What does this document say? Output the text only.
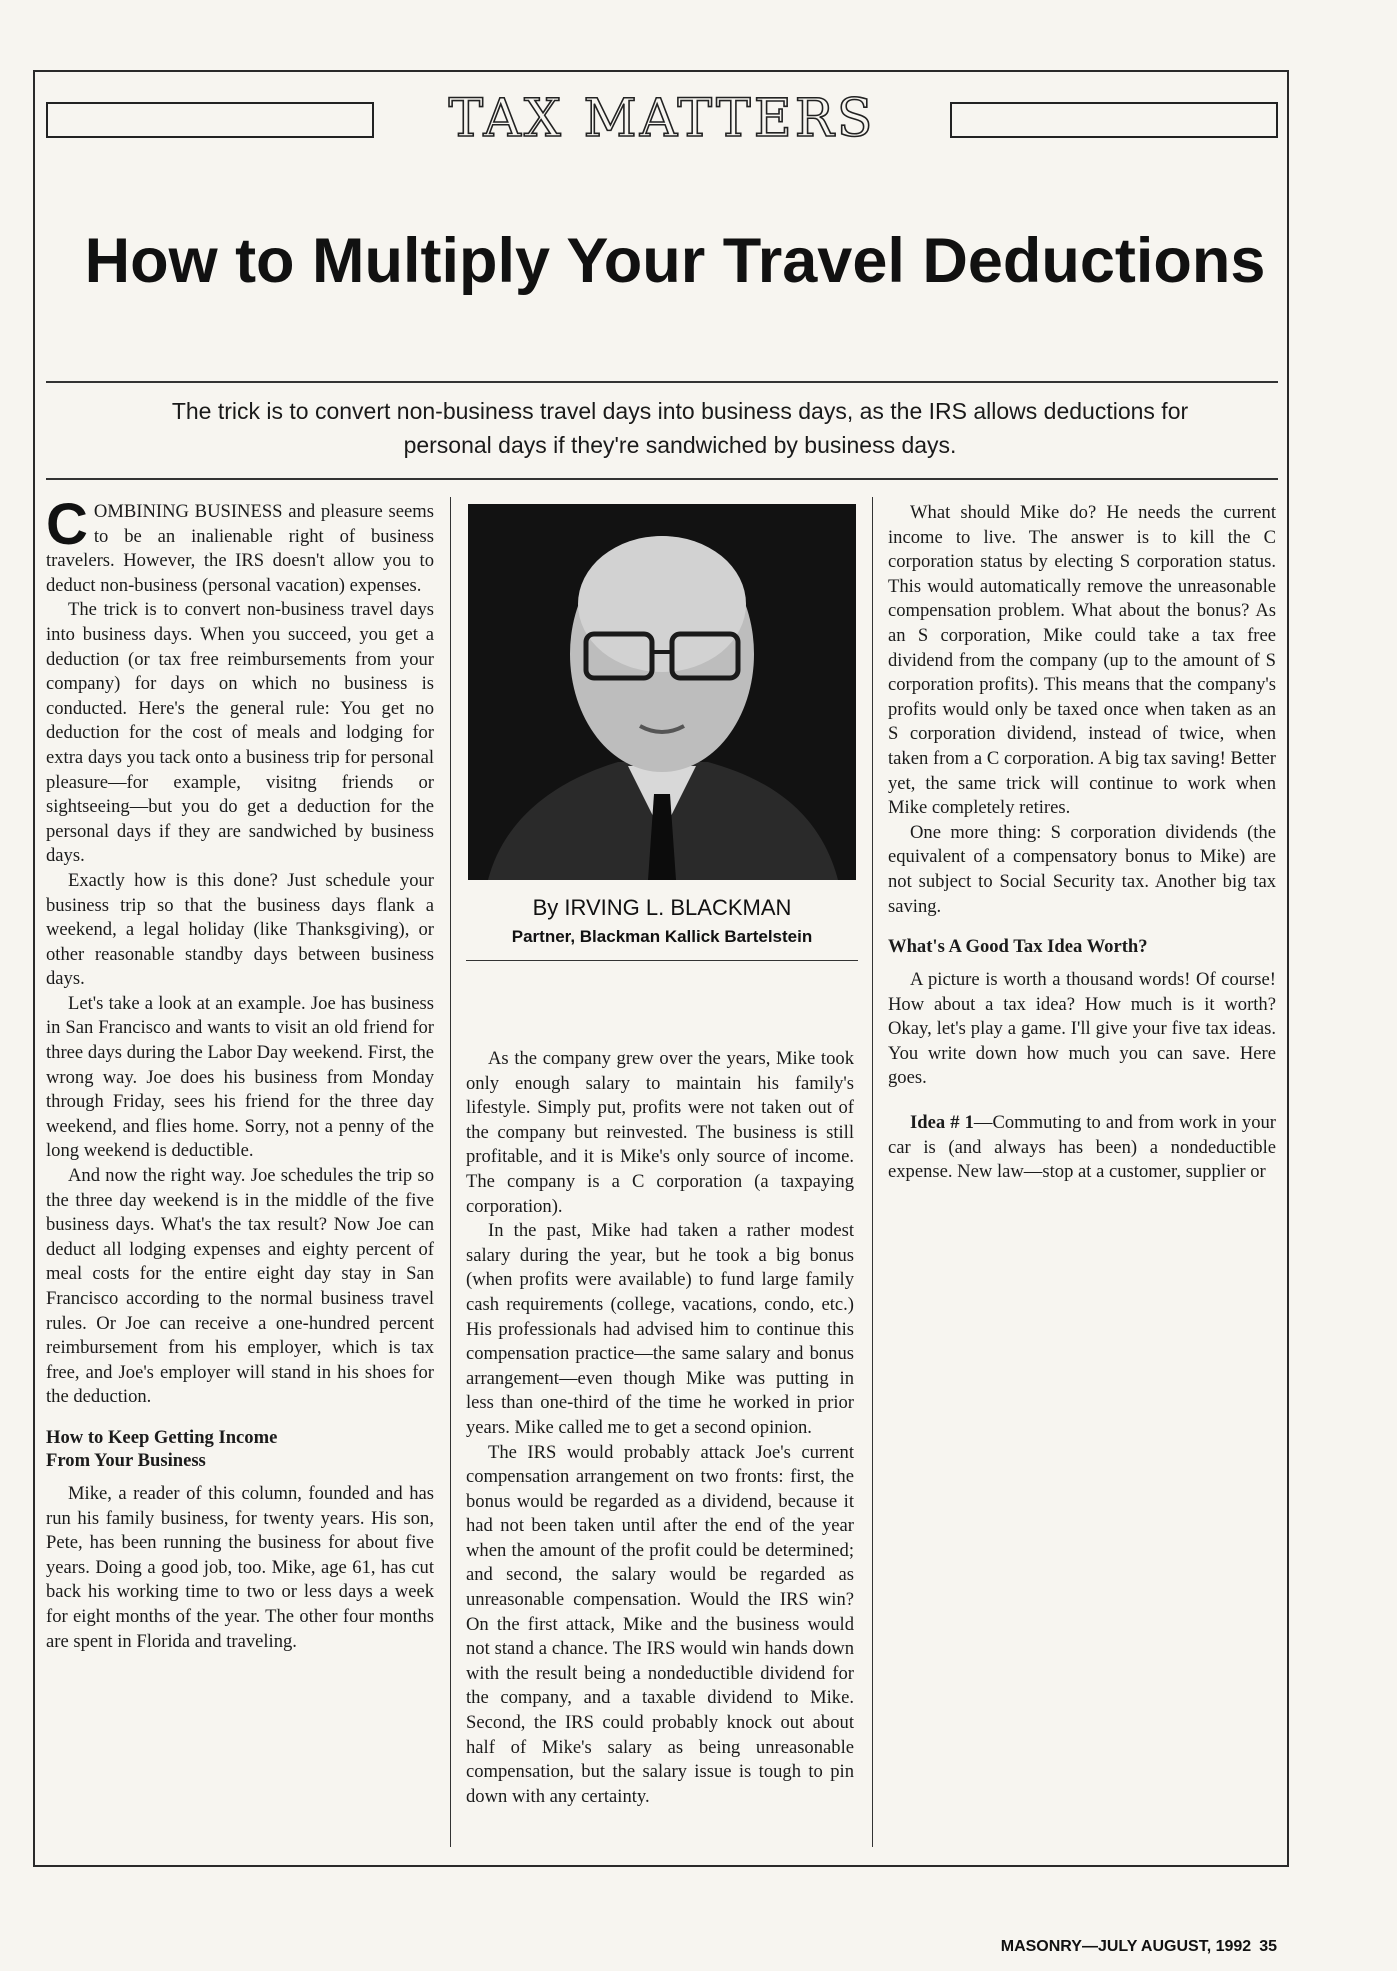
TAX MATTERS
How to Multiply Your Travel Deductions
The trick is to convert non-business travel days into business days, as the IRS allows deductions for personal days if they're sandwiched by business days.

COMBINING BUSINESS and pleasure seems to be an inalienable right of business travelers. However, the IRS doesn't allow you to deduct non-business (personal vacation) expenses.

The trick is to convert non-business travel days into business days. When you succeed, you get a deduction (or tax free reimbursements from your company) for days on which no business is conducted. Here's the general rule: You get no deduction for the cost of meals and lodging for extra days you tack onto a business trip for personal pleasure—for example, visitng friends or sightseeing—but you do get a deduction for the personal days if they are sandwiched by business days.

Exactly how is this done? Just schedule your business trip so that the business days flank a weekend, a legal holiday (like Thanksgiving), or other reasonable standby days between business days.

Let's take a look at an example. Joe has business in San Francisco and wants to visit an old friend for three days during the Labor Day weekend. First, the wrong way. Joe does his business from Monday through Friday, sees his friend for the three day weekend, and flies home. Sorry, not a penny of the long weekend is deductible.

And now the right way. Joe schedules the trip so the three day weekend is in the middle of the five business days. What's the tax result? Now Joe can deduct all lodging expenses and eighty percent of meal costs for the entire eight day stay in San Francisco according to the normal business travel rules. Or Joe can receive a one-hundred percent reimbursement from his employer, which is tax free, and Joe's employer will stand in his shoes for the deduction.

How to Keep Getting Income
From Your Business

Mike, a reader of this column, founded and has run his family business, for twenty years. His son, Pete, has been running the business for about five years. Doing a good job, too. Mike, age 61, has cut back his working time to two or less days a week for eight months of the year. The other four months are spent in Florida and traveling.

By IRVING L. BLACKMAN
Partner, Blackman Kallick Bartelstein

As the company grew over the years, Mike took only enough salary to maintain his family's lifestyle. Simply put, profits were not taken out of the company but reinvested. The business is still profitable, and it is Mike's only source of income. The company is a C corporation (a taxpaying corporation).

In the past, Mike had taken a rather modest salary during the year, but he took a big bonus (when profits were available) to fund large family cash requirements (college, vacations, condo, etc.) His professionals had advised him to continue this compensation practice—the same salary and bonus arrangement—even though Mike was putting in less than one-third of the time he worked in prior years. Mike called me to get a second opinion.

The IRS would probably attack Joe's current compensation arrangement on two fronts: first, the bonus would be regarded as a dividend, because it had not been taken until after the end of the year when the amount of the profit could be determined; and second, the salary would be regarded as unreasonable compensation. Would the IRS win? On the first attack, Mike and the business would not stand a chance. The IRS would win hands down with the result being a nondeductible dividend for the company, and a taxable dividend to Mike. Second, the IRS could probably knock out about half of Mike's salary as being unreasonable compensation, but the salary issue is tough to pin down with any certainty.

What should Mike do? He needs the current income to live. The answer is to kill the C corporation status by electing S corporation status. This would automatically remove the unreasonable compensation problem. What about the bonus? As an S corporation, Mike could take a tax free dividend from the company (up to the amount of S corporation profits). This means that the company's profits would only be taxed once when taken as an S corporation dividend, instead of twice, when taken from a C corporation. A big tax saving! Better yet, the same trick will continue to work when Mike completely retires.

One more thing: S corporation dividends (the equivalent of a compensatory bonus to Mike) are not subject to Social Security tax. Another big tax saving.

What's A Good Tax Idea Worth?

A picture is worth a thousand words! Of course! How about a tax idea? How much is it worth? Okay, let's play a game. I'll give your five tax ideas. You write down how much you can save. Here goes.

Idea # 1—Commuting to and from work in your car is (and always has been) a nondeductible expense. New law—stop at a customer, supplier or

MASONRY—JULY AUGUST, 1992 35
